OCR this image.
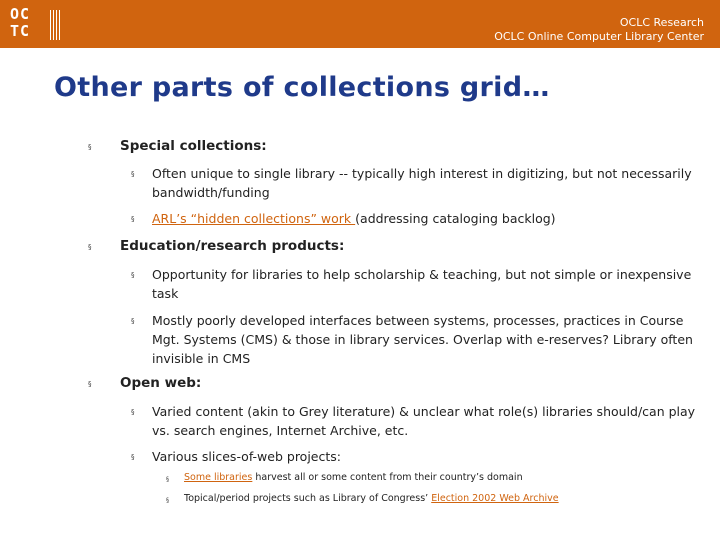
OC
TC	OCLC Research
OCLC Online Computer Library Center
Other parts of collections grid…
§ Special collections:
§ Often unique to single library -- typically high interest in digitizing, but not necessarily bandwidth/funding
§ ARL’s “hidden collections” work (addressing cataloging backlog)
§ Education/research products:
§ Opportunity for libraries to help scholarship & teaching, but not simple or inexpensive task
§ Mostly poorly developed interfaces between systems, processes, practices in Course Mgt. Systems (CMS) & those in library services. Overlap with e-reserves? Library often invisible in CMS
§ Open web:
§ Varied content (akin to Grey literature) & unclear what role(s) libraries should/can play vs. search engines, Internet Archive, etc.
§ Various slices-of-web projects:
§ Some libraries harvest all or some content from their country’s domain
§ Topical/period projects such as Library of Congress’ Election 2002 Web Archive
